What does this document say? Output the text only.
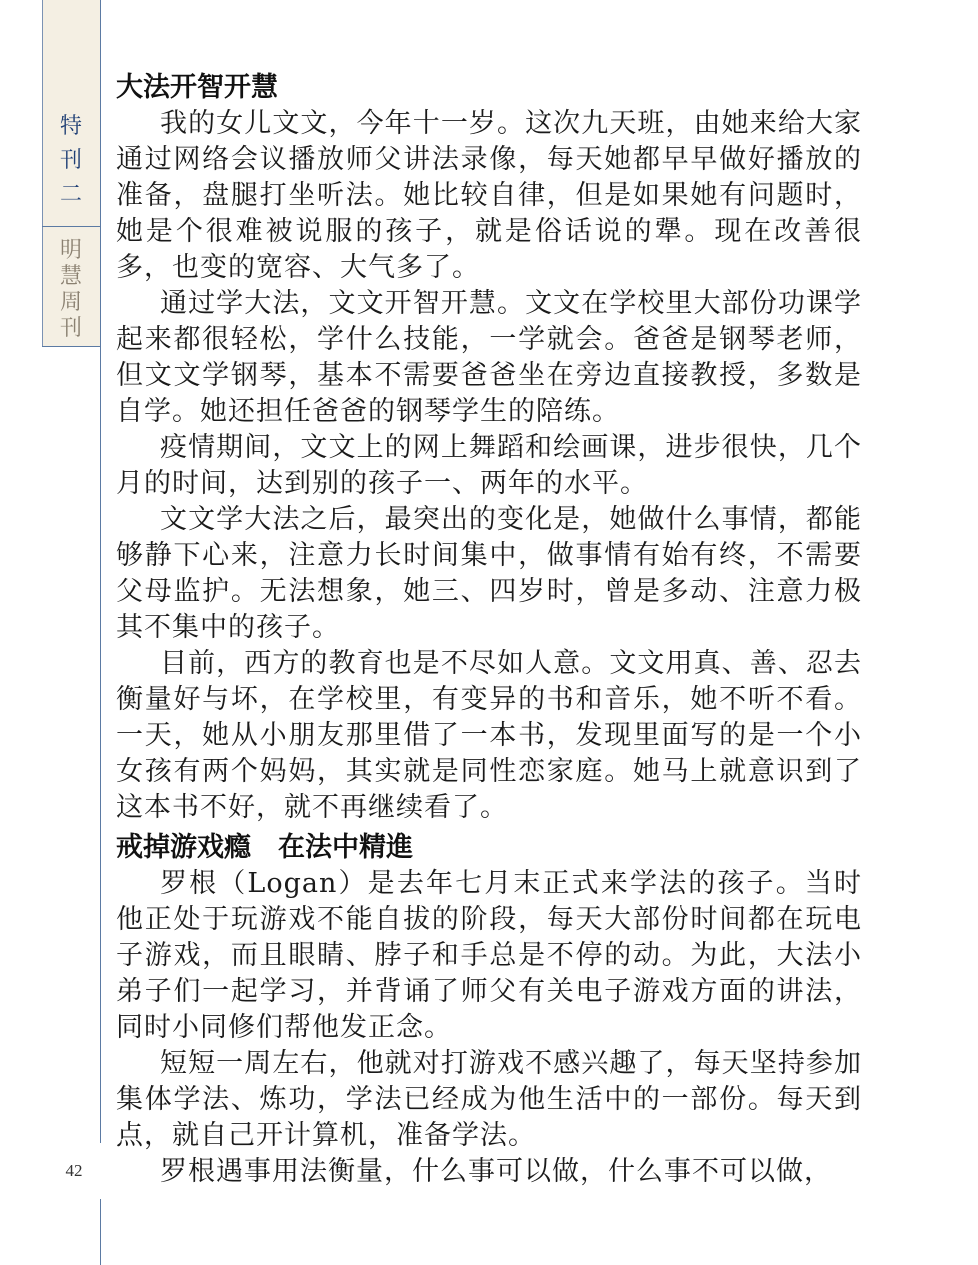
特
刊
二
明
慧
周
刊
42
大法开智开慧

我的女儿文文，今年十一岁。这次九天班，由她来给大家通过网络会议播放师父讲法录像，每天她都早早做好播放的准备，盘腿打坐听法。她比较自律，但是如果她有问题时，她是个很难被说服的孩子，就是俗话说的犟。现在改善很多，也变的宽容、大气多了。

通过学大法，文文开智开慧。文文在学校里大部份功课学起来都很轻松，学什么技能，一学就会。爸爸是钢琴老师，但文文学钢琴，基本不需要爸爸坐在旁边直接教授，多数是自学。她还担任爸爸的钢琴学生的陪练。

疫情期间，文文上的网上舞蹈和绘画课，进步很快，几个月的时间，达到别的孩子一、两年的水平。

文文学大法之后，最突出的变化是，她做什么事情，都能够静下心来，注意力长时间集中，做事情有始有终，不需要父母监护。无法想象，她三、四岁时，曾是多动、注意力极其不集中的孩子。

目前，西方的教育也是不尽如人意。文文用真、善、忍去衡量好与坏，在学校里，有变异的书和音乐，她不听不看。一天，她从小朋友那里借了一本书，发现里面写的是一个小女孩有两个妈妈，其实就是同性恋家庭。她马上就意识到了这本书不好，就不再继续看了。

戒掉游戏瘾　在法中精進

罗根（Logan）是去年七月末正式来学法的孩子。当时他正处于玩游戏不能自拔的阶段，每天大部份时间都在玩电子游戏，而且眼睛、脖子和手总是不停的动。为此，大法小弟子们一起学习，并背诵了师父有关电子游戏方面的讲法，同时小同修们帮他发正念。

短短一周左右，他就对打游戏不感兴趣了，每天坚持参加集体学法、炼功，学法已经成为他生活中的一部份。每天到点，就自己开计算机，准备学法。

罗根遇事用法衡量，什么事可以做，什么事不可以做，
